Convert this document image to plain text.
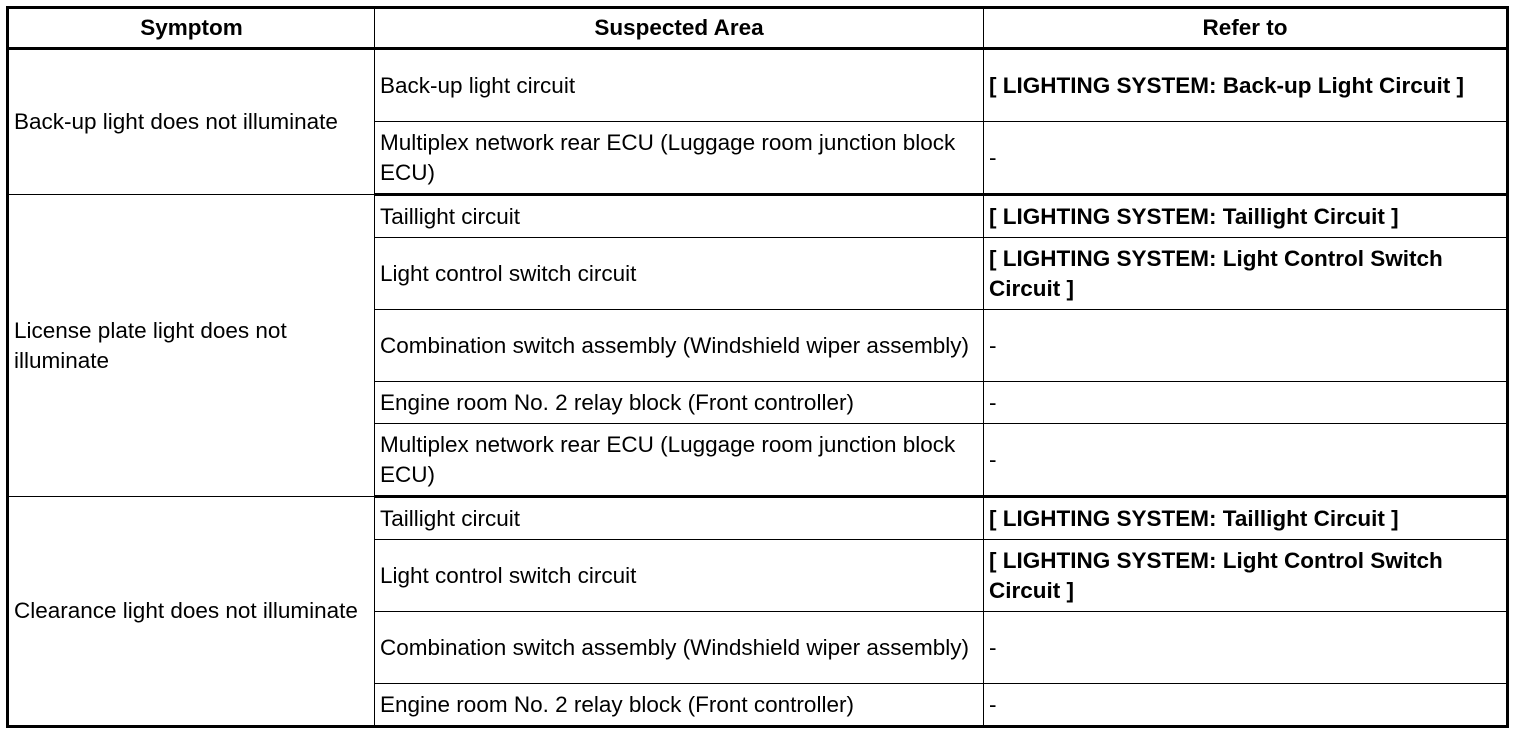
Symptom	Suspected Area	Refer to
Back-up light does not illuminate	Back-up light circuit	[ LIGHTING SYSTEM: Back-up Light Circuit ]
	Multiplex network rear ECU (Luggage room junction block ECU)	-
License plate light does not illuminate	Taillight circuit	[ LIGHTING SYSTEM: Taillight Circuit ]
	Light control switch circuit	[ LIGHTING SYSTEM: Light Control Switch Circuit ]
	Combination switch assembly (Windshield wiper assembly)	-
	Engine room No. 2 relay block (Front controller)	-
	Multiplex network rear ECU (Luggage room junction block ECU)	-
Clearance light does not illuminate	Taillight circuit	[ LIGHTING SYSTEM: Taillight Circuit ]
	Light control switch circuit	[ LIGHTING SYSTEM: Light Control Switch Circuit ]
	Combination switch assembly (Windshield wiper assembly)	-
	Engine room No. 2 relay block (Front controller)	-
